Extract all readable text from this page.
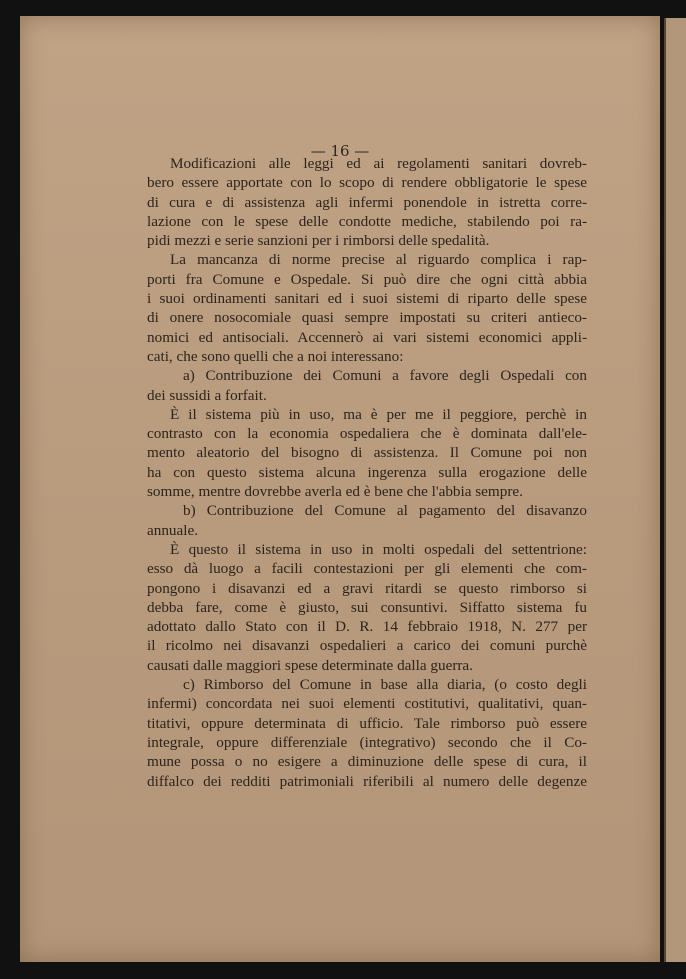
— 16 —
Modificazioni alle leggi ed ai regolamenti sanitari dovreb-
bero essere apportate con lo scopo di rendere obbligatorie le spese
di cura e di assistenza agli infermi ponendole in istretta corre-
lazione con le spese delle condotte mediche, stabilendo poi ra-
pidi mezzi e serie sanzioni per i rimborsi delle spedalità.
La mancanza di norme precise al riguardo complica i rap-
porti fra Comune e Ospedale. Si può dire che ogni città abbia
i suoi ordinamenti sanitari ed i suoi sistemi di riparto delle spese
di onere nosocomiale quasi sempre impostati su criteri antieco-
nomici ed antisociali. Accennerò ai vari sistemi economici appli-
cati, che sono quelli che a noi interessano:
a) Contribuzione dei Comuni a favore degli Ospedali con
dei sussidi a forfait.
È il sistema più in uso, ma è per me il peggiore, perchè in
contrasto con la economia ospedaliera che è dominata dall'ele-
mento aleatorio del bisogno di assistenza. Il Comune poi non
ha con questo sistema alcuna ingerenza sulla erogazione delle
somme, mentre dovrebbe averla ed è bene che l'abbia sempre.
b) Contribuzione del Comune al pagamento del disavanzo
annuale.
È questo il sistema in uso in molti ospedali del settentrione:
esso dà luogo a facili contestazioni per gli elementi che com-
pongono i disavanzi ed a gravi ritardi se questo rimborso si
debba fare, come è giusto, sui consuntivi. Siffatto sistema fu
adottato dallo Stato con il D. R. 14 febbraio 1918, N. 277 per
il ricolmo nei disavanzi ospedalieri a carico dei comuni purchè
causati dalle maggiori spese determinate dalla guerra.
c) Rimborso del Comune in base alla diaria, (o costo degli
infermi) concordata nei suoi elementi costitutivi, qualitativi, quan-
titativi, oppure determinata di ufficio. Tale rimborso può essere
integrale, oppure differenziale (integrativo) secondo che il Co-
mune possa o no esigere a diminuzione delle spese di cura, il
diffalco dei redditi patrimoniali riferibili al numero delle degenze
